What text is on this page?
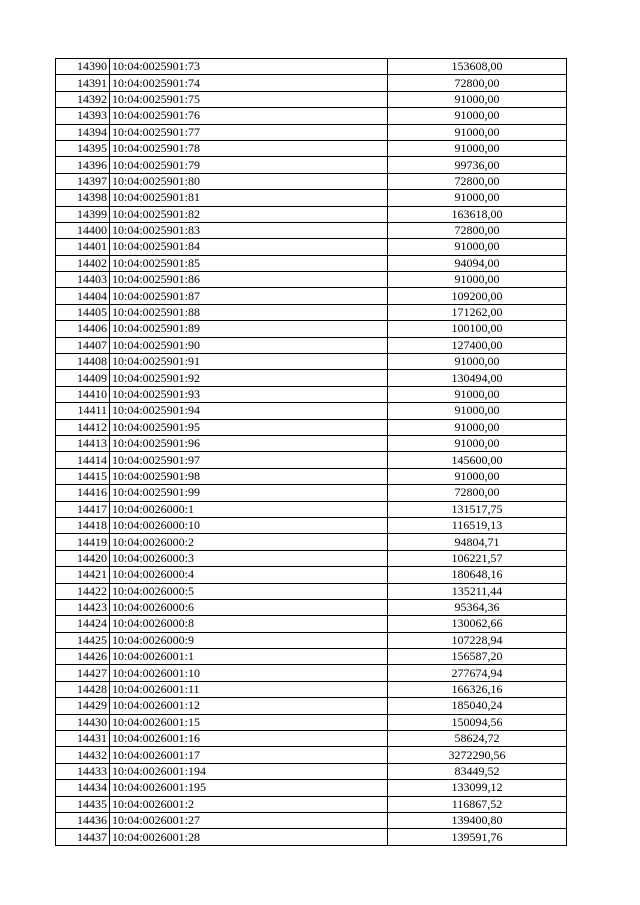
14390	10:04:0025901:73	153608,00
14391	10:04:0025901:74	72800,00
14392	10:04:0025901:75	91000,00
14393	10:04:0025901:76	91000,00
14394	10:04:0025901:77	91000,00
14395	10:04:0025901:78	91000,00
14396	10:04:0025901:79	99736,00
14397	10:04:0025901:80	72800,00
14398	10:04:0025901:81	91000,00
14399	10:04:0025901:82	163618,00
14400	10:04:0025901:83	72800,00
14401	10:04:0025901:84	91000,00
14402	10:04:0025901:85	94094,00
14403	10:04:0025901:86	91000,00
14404	10:04:0025901:87	109200,00
14405	10:04:0025901:88	171262,00
14406	10:04:0025901:89	100100,00
14407	10:04:0025901:90	127400,00
14408	10:04:0025901:91	91000,00
14409	10:04:0025901:92	130494,00
14410	10:04:0025901:93	91000,00
14411	10:04:0025901:94	91000,00
14412	10:04:0025901:95	91000,00
14413	10:04:0025901:96	91000,00
14414	10:04:0025901:97	145600,00
14415	10:04:0025901:98	91000,00
14416	10:04:0025901:99	72800,00
14417	10:04:0026000:1	131517,75
14418	10:04:0026000:10	116519,13
14419	10:04:0026000:2	94804,71
14420	10:04:0026000:3	106221,57
14421	10:04:0026000:4	180648,16
14422	10:04:0026000:5	135211,44
14423	10:04:0026000:6	95364,36
14424	10:04:0026000:8	130062,66
14425	10:04:0026000:9	107228,94
14426	10:04:0026001:1	156587,20
14427	10:04:0026001:10	277674,94
14428	10:04:0026001:11	166326,16
14429	10:04:0026001:12	185040,24
14430	10:04:0026001:15	150094,56
14431	10:04:0026001:16	58624,72
14432	10:04:0026001:17	3272290,56
14433	10:04:0026001:194	83449,52
14434	10:04:0026001:195	133099,12
14435	10:04:0026001:2	116867,52
14436	10:04:0026001:27	139400,80
14437	10:04:0026001:28	139591,76
